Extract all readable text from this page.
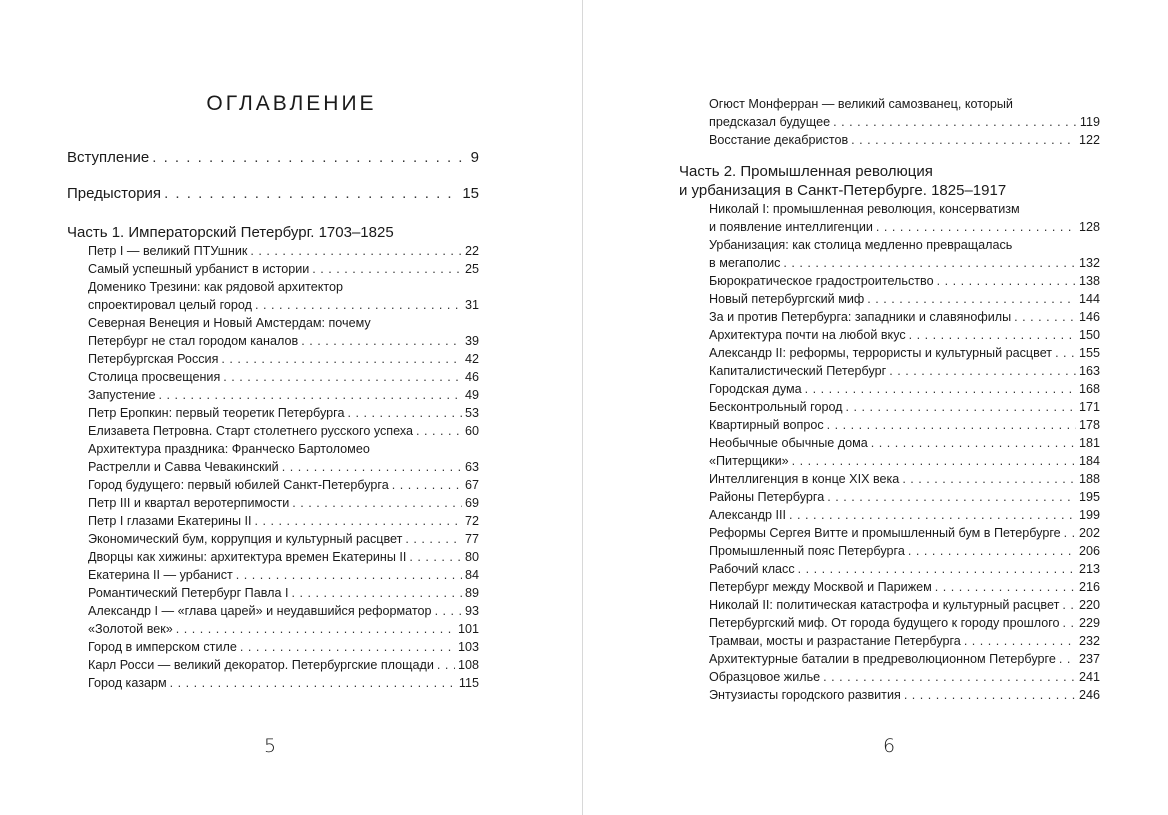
ОГЛАВЛЕНИЕ
Вступление . . .	9
Предыстория . . .	15
Часть 1. Императорский Петербург. 1703–1825
Петр I — великий ПТУшник . . .	22
Самый успешный урбанист в истории . . .	25
Доменико Трезини: как рядовой архитектор
спроектировал целый город . . .	31
Северная Венеция и Новый Амстердам: почему
Петербург не стал городом каналов . . .	39
Петербургская Россия . . .	42
Столица просвещения . . .	46
Запустение . . .	49
Петр Еропкин: первый теоретик Петербурга . . .	53
Елизавета Петровна. Старт столетнего русского успеха . . .	60
Архитектура праздника: Франческо Бартоломео
Растрелли и Савва Чевакинский . . .	63
Город будущего: первый юбилей Санкт-Петербурга . . .	67
Петр III и квартал веротерпимости . . .	69
Петр I глазами Екатерины II . . .	72
Экономический бум, коррупция и культурный расцвет . . .	77
Дворцы как хижины: архитектура времен Екатерины II . . .	80
Екатерина II — урбанист . . .	84
Романтический Петербург Павла I . . .	89
Александр I — «глава царей» и неудавшийся реформатор . . .	93
«Золотой век» . . .	101
Город в имперском стиле . . .	103
Карл Росси — великий декоратор. Петербургские площади . . . 108
Город казарм . . .	115
5
Огюст Монферран — великий самозванец, который
предсказал будущее . . .	119
Восстание декабристов . . .	122
Часть 2. Промышленная революция
и урбанизация в Санкт-Петербурге. 1825–1917
Николай I: промышленная революция, консерватизм
и появление интеллигенции . . .	128
Урбанизация: как столица медленно превращалась
в мегаполис . . .	132
Бюрократическое градостроительство . . .	138
Новый петербургский миф . . .	144
За и против Петербурга: западники и славянофилы . . .	146
Архитектура почти на любой вкус . . .	150
Александр II: реформы, террористы и культурный расцвет . . . 155
Капиталистический Петербург . . .	163
Городская дума . . .	168
Бесконтрольный город . . .	171
Квартирный вопрос . . .	178
Необычные обычные дома . . .	181
«Питерщики» . . .	184
Интеллигенция в конце XIX века . . .	188
Районы Петербурга . . .	195
Александр III . . .	199
Реформы Сергея Витте и промышленный бум в Петербурге . . . 202
Промышленный пояс Петербурга . . .	206
Рабочий класс . . .	213
Петербург между Москвой и Парижем . . .	216
Николай II: политическая катастрофа и культурный расцвет . . . 220
Петербургский миф. От города будущего к городу прошлого . . . 229
Трамваи, мосты и разрастание Петербурга . . .	232
Архитектурные баталии в предреволюционном Петербурге . . . 237
Образцовое жилье . . .	241
Энтузиасты городского развития . . .	246
6
